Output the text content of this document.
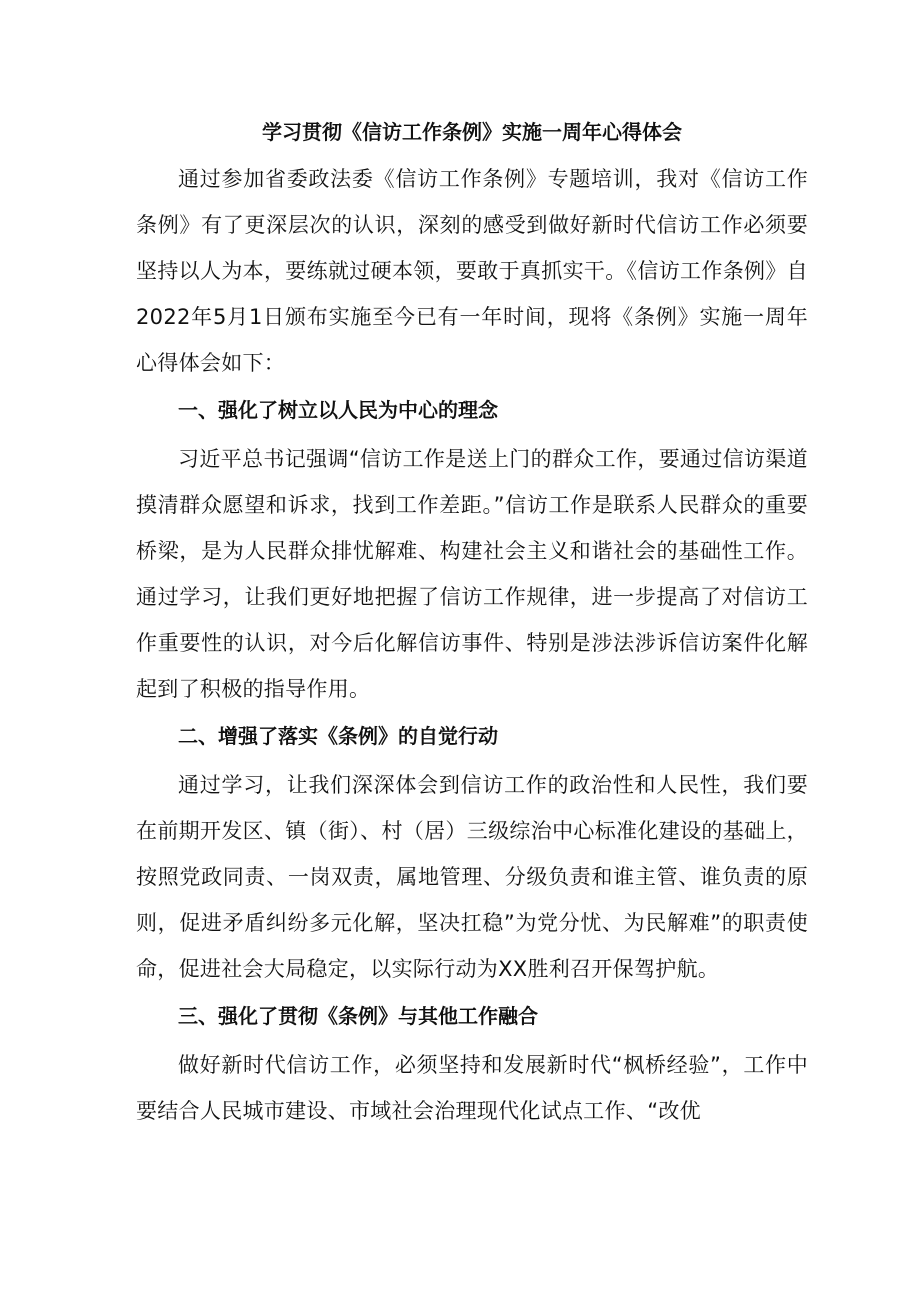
学习贯彻《信访工作条例》实施一周年心得体会

通过参加省委政法委《信访工作条例》专题培训，我对《信访工作条例》有了更深层次的认识，深刻的感受到做好新时代信访工作必须要坚持以人为本，要练就过硬本领，要敢于真抓实干。《信访工作条例》自2022年5月1日颁布实施至今已有一年时间，现将《条例》实施一周年心得体会如下：

一、强化了树立以人民为中心的理念

习近平总书记强调“信访工作是送上门的群众工作，要通过信访渠道摸清群众愿望和诉求，找到工作差距。”信访工作是联系人民群众的重要桥梁，是为人民群众排忧解难、构建社会主义和谐社会的基础性工作。通过学习，让我们更好地把握了信访工作规律，进一步提高了对信访工作重要性的认识，对今后化解信访事件、特别是涉法涉诉信访案件化解起到了积极的指导作用。

二、增强了落实《条例》的自觉行动

通过学习，让我们深深体会到信访工作的政治性和人民性，我们要在前期开发区、镇（街）、村（居）三级综治中心标准化建设的基础上，按照党政同责、一岗双责，属地管理、分级负责和谁主管、谁负责的原则，促进矛盾纠纷多元化解，坚决扛稳”为党分忧、为民解难”的职责使命，促进社会大局稳定，以实际行动为XX胜利召开保驾护航。

三、强化了贯彻《条例》与其他工作融合

做好新时代信访工作，必须坚持和发展新时代“枫桥经验”，工作中要结合人民城市建设、市域社会治理现代化试点工作、“改优
